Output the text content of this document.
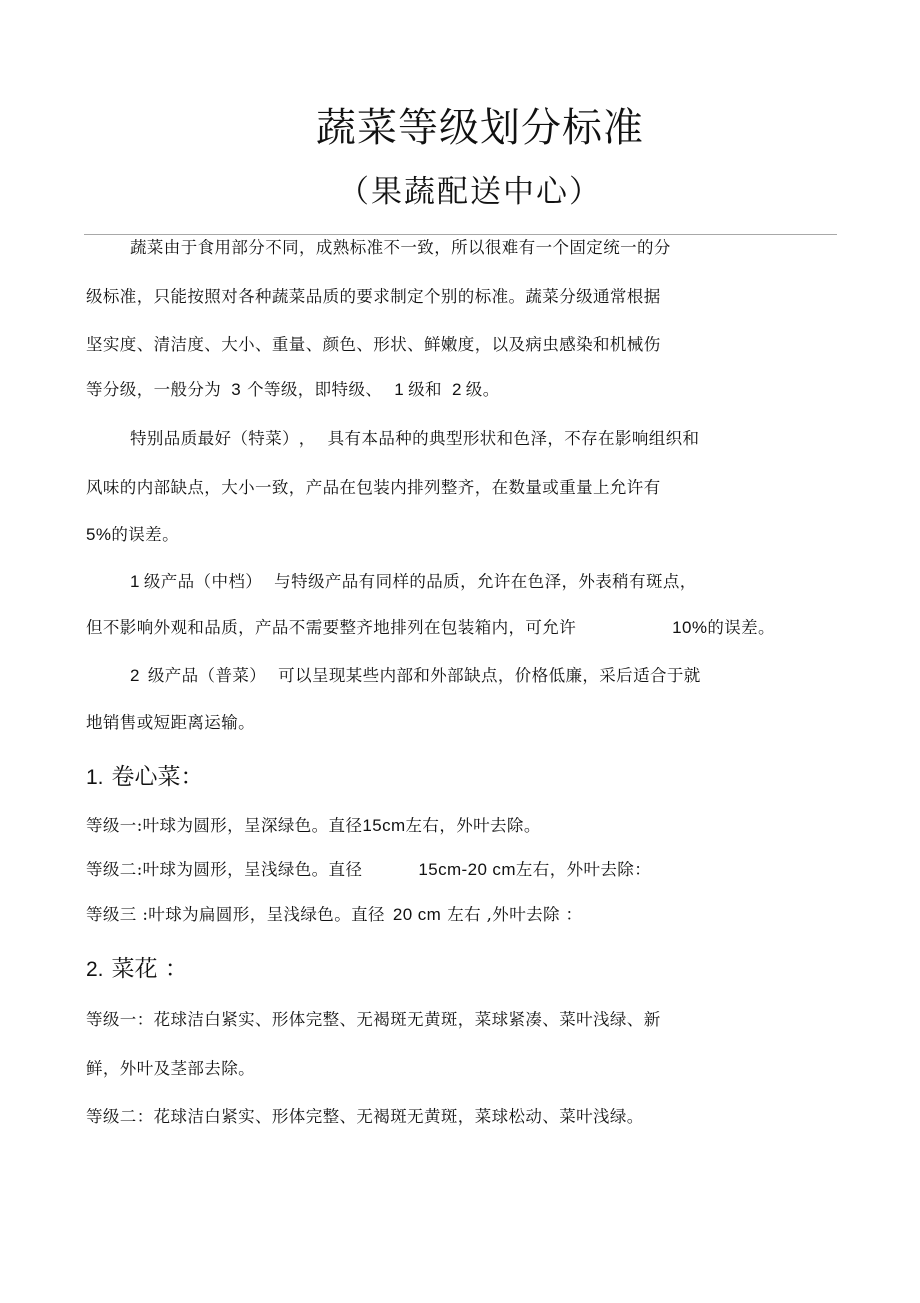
蔬菜等级划分标准
（果蔬配送中心）
蔬菜由于食用部分不同，成熟标准不一致，所以很难有一个固定统一的分
级标准，只能按照对各种蔬菜品质的要求制定个别的标准。蔬菜分级通常根据
坚实度、清洁度、大小、重量、颜色、形状、鲜嫩度，以及病虫感染和机械伤
等分级，一般分为 3 个等级，即特级、 1 级和 2 级。
特别品质最好（特菜） ， 具有本品种的典型形状和色泽，不存在影响组织和
风味的内部缺点，大小一致，产品在包装内排列整齐，在数量或重量上允许有
5%的误差。
1 级产品（中档） 与特级产品有同样的品质，允许在色泽，外表稍有斑点，
但不影响外观和品质，产品不需要整齐地排列在包装箱内，可允许	10%的误差。
2 级产品（普菜） 可以呈现某些内部和外部缺点，价格低廉，采后适合于就
地销售或短距离运输。
1. 卷心菜：
等级一:叶球为圆形，呈深绿色。直径15cm左右，外叶去除。
等级二:叶球为圆形，呈浅绿色。直径	15cm-20 cm左右，外叶去除：
等级三 :叶球为扁圆形，呈浅绿色。直径 20 cm 左右 ,外叶去除 ：
2. 菜花 ：
等级一：花球洁白紧实、形体完整、无褐斑无黄斑，菜球紧凑、菜叶浅绿、新
鲜，外叶及茎部去除。
等级二：花球洁白紧实、形体完整、无褐斑无黄斑，菜球松动、菜叶浅绿。
